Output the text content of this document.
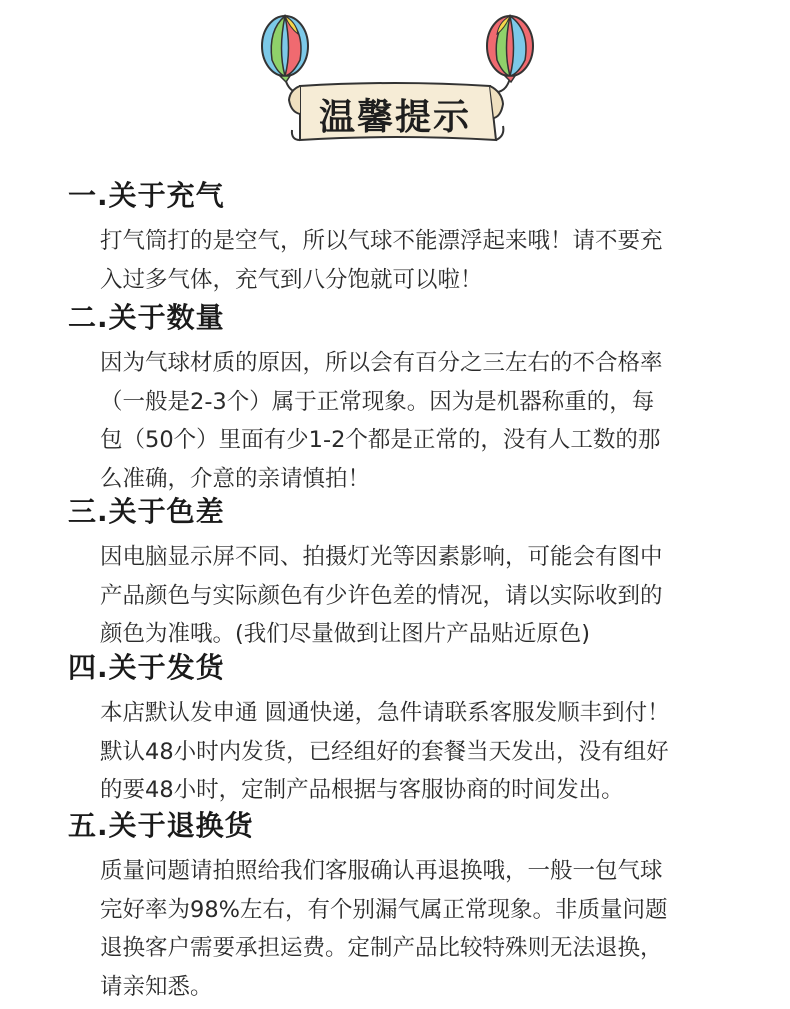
温馨提示
一.关于充气
打气筒打的是空气，所以气球不能漂浮起来哦！请不要充
入过多气体，充气到八分饱就可以啦！
二.关于数量
因为气球材质的原因，所以会有百分之三左右的不合格率
（一般是2-3个）属于正常现象。因为是机器称重的，每
包（50个）里面有少1-2个都是正常的，没有人工数的那
么准确，介意的亲请慎拍！
三.关于色差
因电脑显示屏不同、拍摄灯光等因素影响，可能会有图中
产品颜色与实际颜色有少许色差的情况，请以实际收到的
颜色为准哦。(我们尽量做到让图片产品贴近原色)
四.关于发货
本店默认发申通 圆通快递，急件请联系客服发顺丰到付！
默认48小时内发货，已经组好的套餐当天发出，没有组好
的要48小时，定制产品根据与客服协商的时间发出。
五.关于退换货
质量问题请拍照给我们客服确认再退换哦，一般一包气球
完好率为98%左右，有个别漏气属正常现象。非质量问题
退换客户需要承担运费。定制产品比较特殊则无法退换，
请亲知悉。
